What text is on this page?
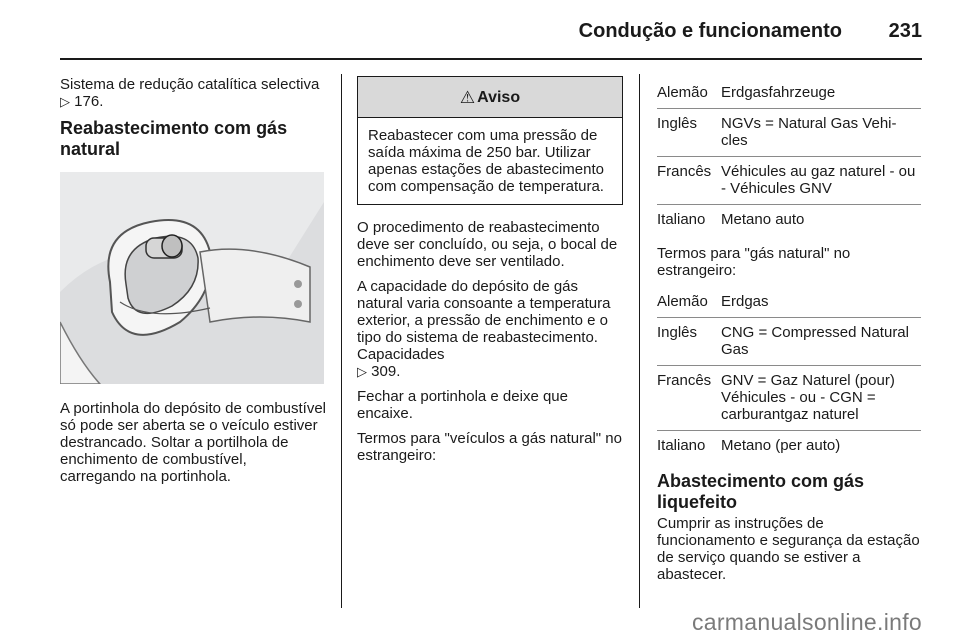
Condução e funcionamento 231

Sistema de redução catalítica selectiva ▷ 176.

Reabastecimento com gás natural

A portinhola do depósito de combustível só pode ser aberta se o veículo estiver destrancado. Soltar a portilhola de enchimento de combustível, carregando na portinhola.

⚠ Aviso
Reabastecer com uma pressão de saída máxima de 250 bar. Utilizar apenas estações de abastecimento com compensação de temperatura.

O procedimento de reabastecimento deve ser concluído, ou seja, o bocal de enchimento deve ser ventilado.

A capacidade do depósito de gás natural varia consoante a temperatura exterior, a pressão de enchimento e o tipo do sistema de reabastecimento. Capacidades
▷ 309.

Fechar a portinhola e deixe que encaixe.

Termos para "veículos a gás natural" no estrangeiro:

Alemão Erdgasfahrzeuge
Inglês	NGVs = Natural Gas Vehi-cles
Francês Véhicules au gaz naturel - ou - Véhicules GNV
Italiano	Metano auto

Termos para "gás natural" no estrangeiro:

Alemão Erdgas
Inglês	CNG = Compressed Natural Gas
Francês GNV = Gaz Naturel (pour) Véhicules - ou - CGN = carburantgaz naturel
Italiano	Metano (per auto)
Abastecimento com gás liquefeito

Cumprir as instruções de funcionamento e segurança da estação de serviço quando se estiver a abastecer.

carmanualsonline.info
